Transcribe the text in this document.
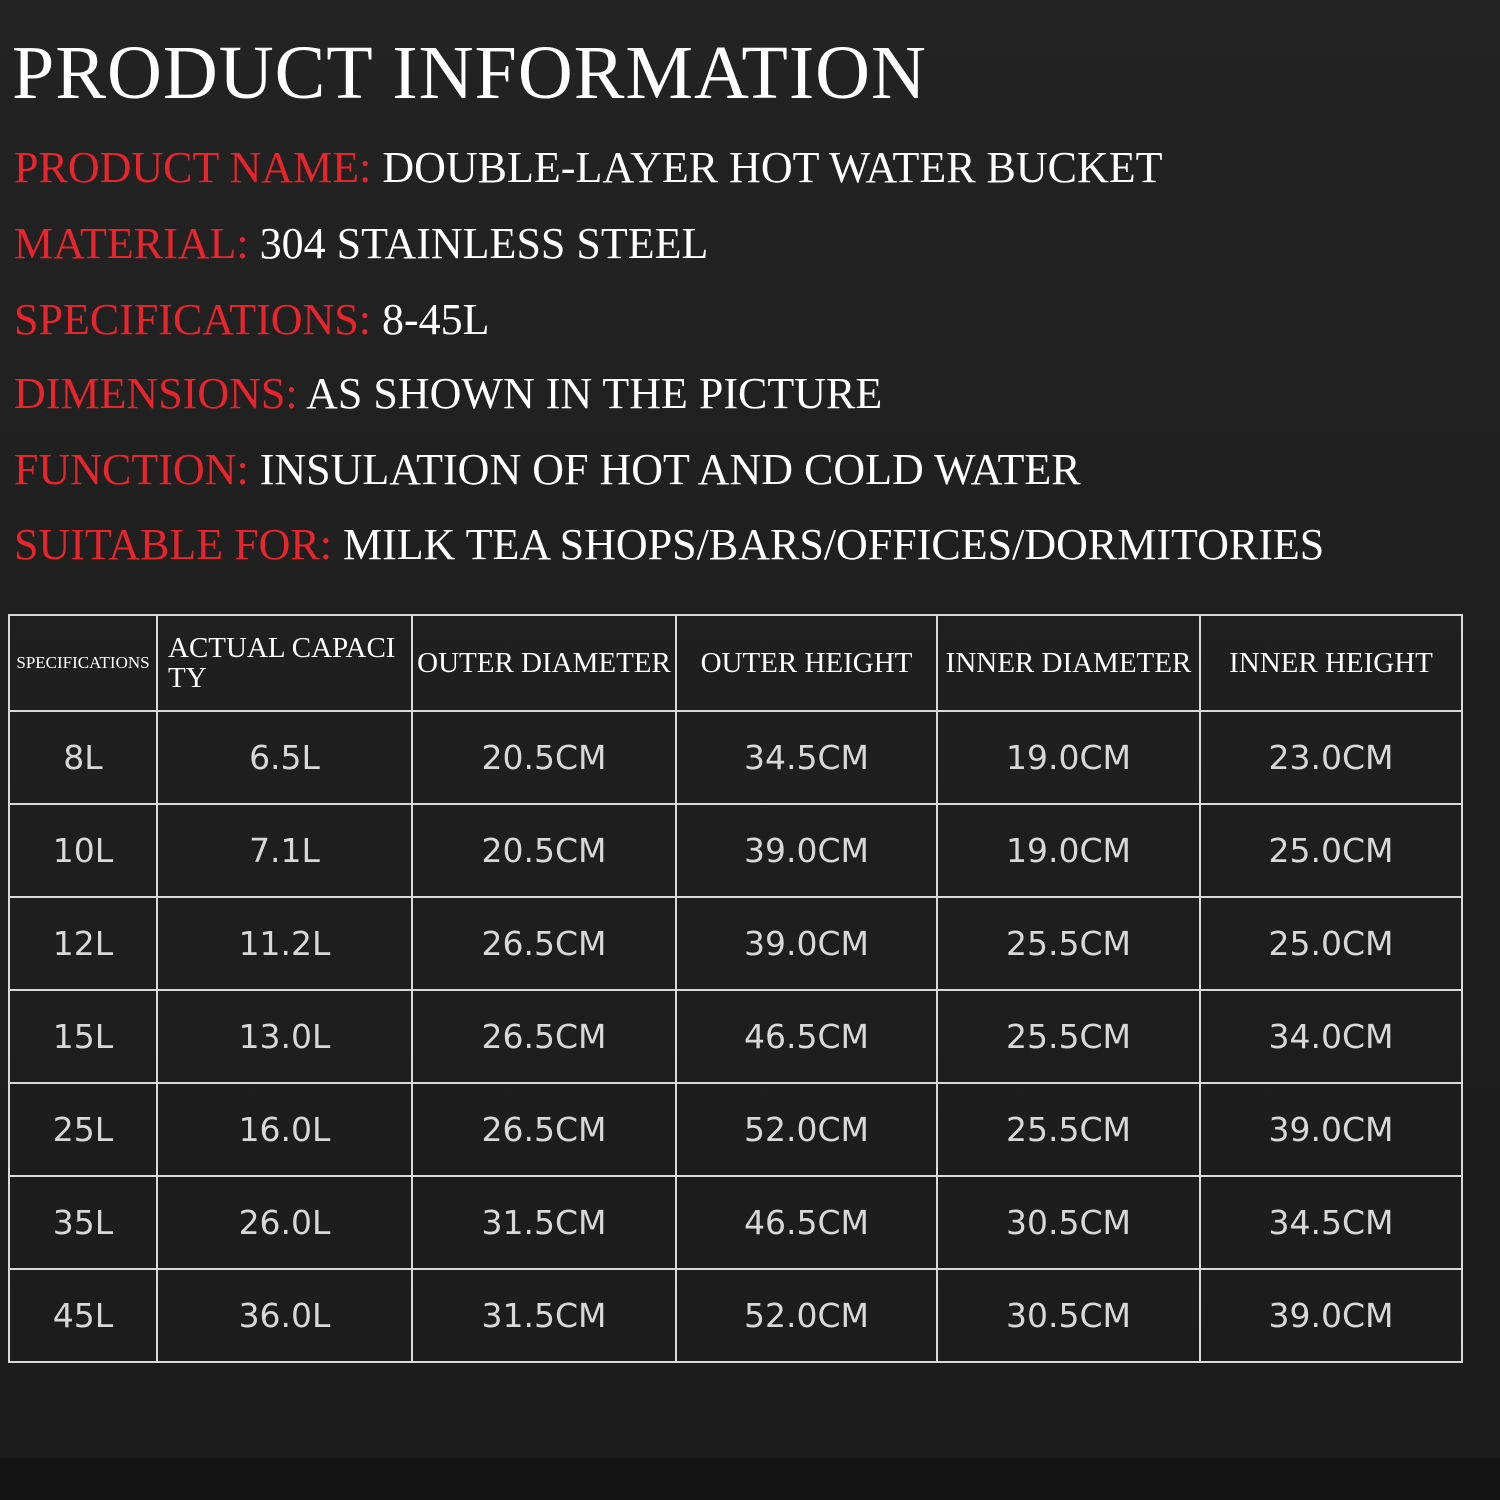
PRODUCT INFORMATION

PRODUCT NAME: DOUBLE-LAYER HOT WATER BUCKET

MATERIAL: 304 STAINLESS STEEL

SPECIFICATIONS: 8-45L

DIMENSIONS: AS SHOWN IN THE PICTURE

FUNCTION: INSULATION OF HOT AND COLD WATER

SUITABLE FOR: MILK TEA SHOPS/BARS/OFFICES/DORMITORIES

SPECIFICATIONS	ACTUAL CAPACITY	OUTER DIAMETER	OUTER HEIGHT	INNER DIAMETER	INNER HEIGHT
8L	6.5L	20.5CM	34.5CM	19.0CM	23.0CM
10L	7.1L	20.5CM	39.0CM	19.0CM	25.0CM
12L	11.2L	26.5CM	39.0CM	25.5CM	25.0CM
15L	13.0L	26.5CM	46.5CM	25.5CM	34.0CM
25L	16.0L	26.5CM	52.0CM	25.5CM	39.0CM
35L	26.0L	31.5CM	46.5CM	30.5CM	34.5CM
45L	36.0L	31.5CM	52.0CM	30.5CM	39.0CM
